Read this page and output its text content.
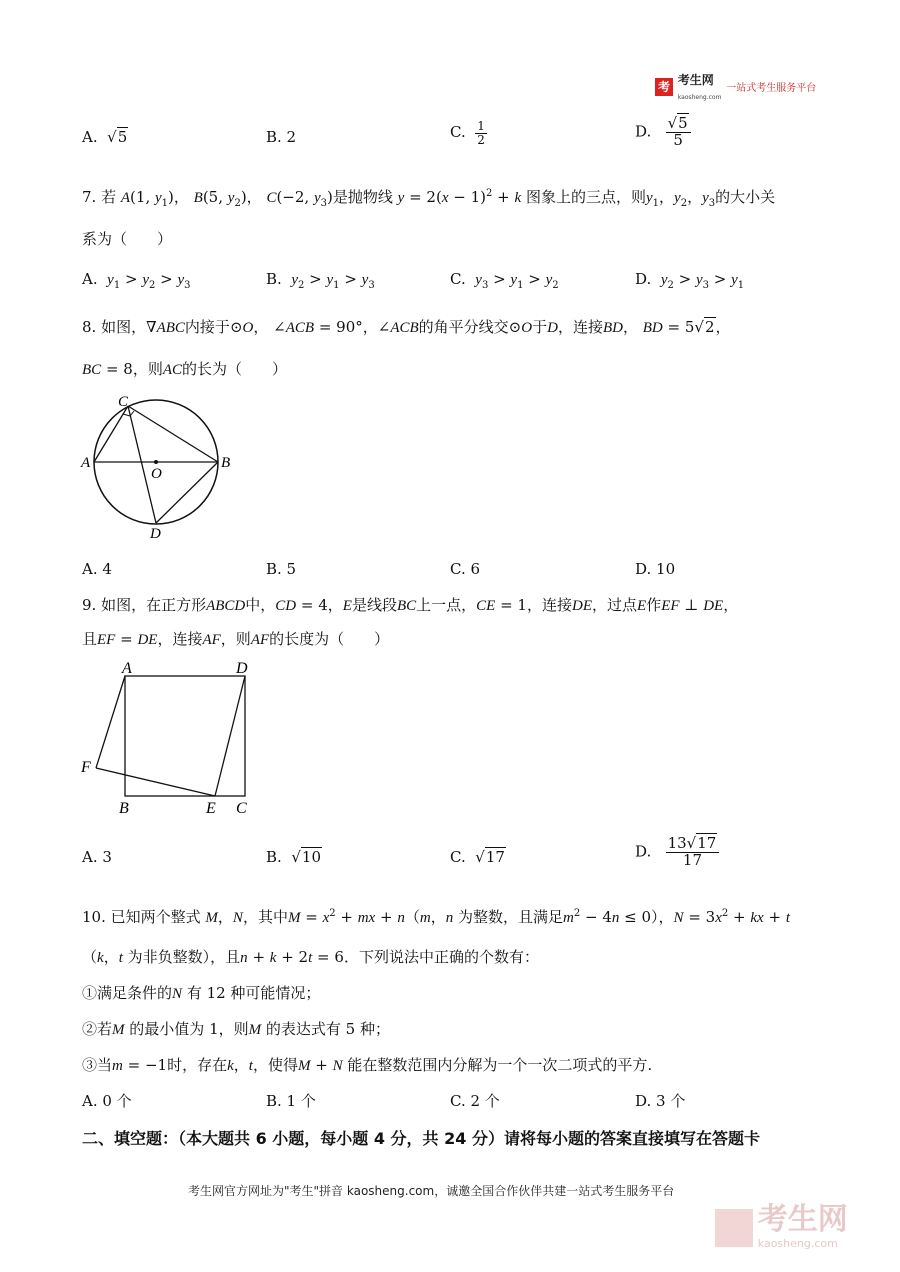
考 考生网
kaosheng.com 一站式考生服务平台
A.  √5	B. 2	C. $\frac{1}{2}$	D. $\frac{√5}{5}$
7. 若 A(1, $y_1$)， B(5, $y_2$)， C(−2, $y_3$)是抛物线 $y = 2(x - 1)^2 + k$ 图象上的三点，则$y_1$，$y_2$，$y_3$的大小关
系为（　　）
A. $y_1 > y_2 > y_3$	B. $y_2 > y_1 > y_3$	C. $y_3 > y_1 > y_2$	D. $y_2 > y_3 > y_1$
8. 如图，∇ABC内接于⊙O， ∠ACB = 90°，∠ACB的角平分线交⊙O于D，连接BD， BD = 5√2，
BC = 8，则AC的长为（　　）
C
A	B
O
D
A. 4	B. 5	C. 6	D. 10
9. 如图，在正方形ABCD中，CD = 4，E是线段BC上一点，CE = 1，连接DE，过点E作EF ⊥ DE，
且EF = DE，连接AF，则AF的长度为（　　）
A	D
F
B	E C
A. 3	B.  √10	C.  √17	D. $\frac{13√17}{17}$
10. 已知两个整式 M，N，其中$M = x^2$ + mx + n（m，n 为整数，且满足$m^2 - 4n \le 0$），$N = 3x^2$ + kx + t
（k，t 为非负整数），且n + k + 2t = 6．下列说法中正确的个数有：
①满足条件的N 有 12 种可能情况；
②若M 的最小值为 1，则M 的表达式有 5 种；
③当m = −1时，存在k，t，使得M + N 能在整数范围内分解为一个一次二项式的平方.
A. 0 个	B. 1 个	C. 2 个	D. 3 个
二、填空题：（本大题共 6 小题，每小题 4 分，共 24 分）请将每小题的答案直接填写在答题卡
考生网官方网址为"考生"拼音 kaosheng.com，诚邀全国合作伙伴共建一站式考生服务平台
考生网
kaosheng.com
